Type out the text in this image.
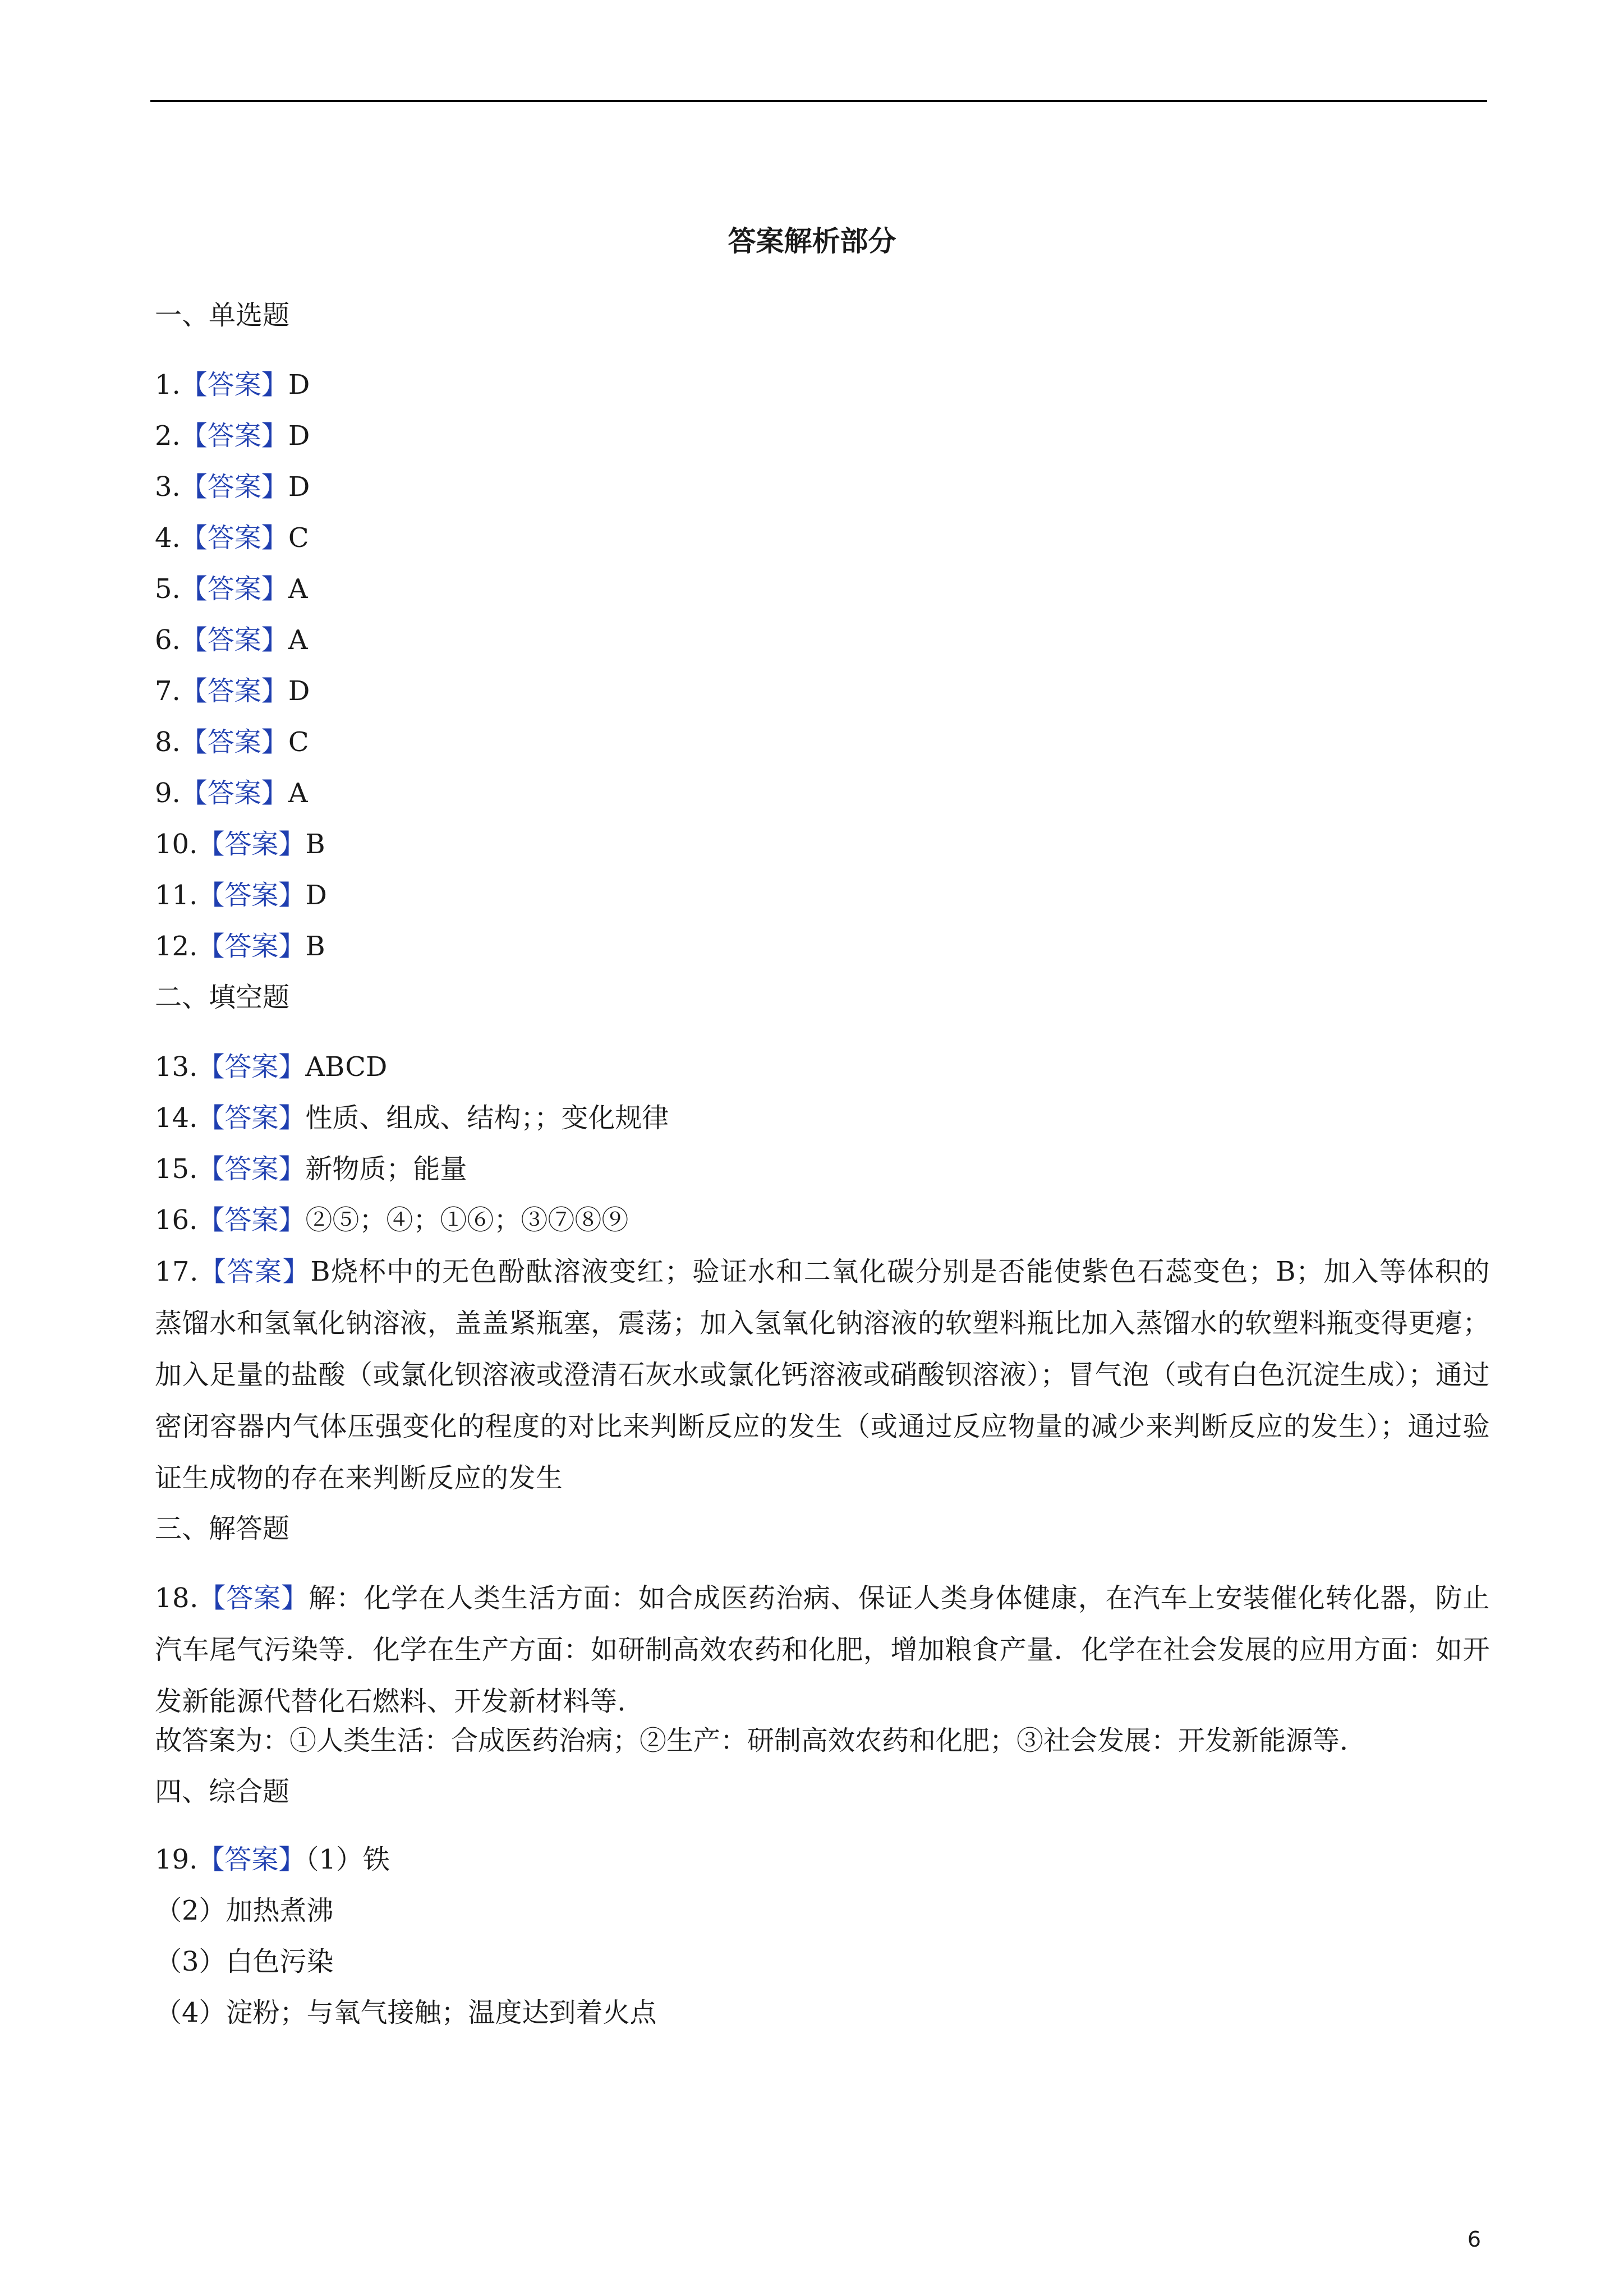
答案解析部分
一、单选题
1.【答案】D
2.【答案】D
3.【答案】D
4.【答案】C
5.【答案】A
6.【答案】A
7.【答案】D
8.【答案】C
9.【答案】A
10.【答案】B
11.【答案】D
12.【答案】B
二、填空题
13.【答案】ABCD
14.【答案】性质、组成、结构；；变化规律
15.【答案】新物质；能量
16.【答案】②⑤；④；①⑥；③⑦⑧⑨
17.【答案】B烧杯中的无色酚酞溶液变红；验证水和二氧化碳分别是否能使紫色石蕊变色；B；加入等体积的蒸馏水和氢氧化钠溶液，盖盖紧瓶塞，震荡；加入氢氧化钠溶液的软塑料瓶比加入蒸馏水的软塑料瓶变得更瘪；加入足量的盐酸（或氯化钡溶液或澄清石灰水或氯化钙溶液或硝酸钡溶液）；冒气泡（或有白色沉淀生成）；通过密闭容器内气体压强变化的程度的对比来判断反应的发生（或通过反应物量的减少来判断反应的发生）；通过验证生成物的存在来判断反应的发生
三、解答题
18.【答案】解：化学在人类生活方面：如合成医药治病、保证人类身体健康，在汽车上安装催化转化器，防止汽车尾气污染等．化学在生产方面：如研制高效农药和化肥，增加粮食产量．化学在社会发展的应用方面：如开发新能源代替化石燃料、开发新材料等．
故答案为：①人类生活：合成医药治病；②生产：研制高效农药和化肥；③社会发展：开发新能源等．
四、综合题
19.【答案】（1）铁
（2）加热煮沸
（3）白色污染
（4）淀粉；与氧气接触；温度达到着火点
6
